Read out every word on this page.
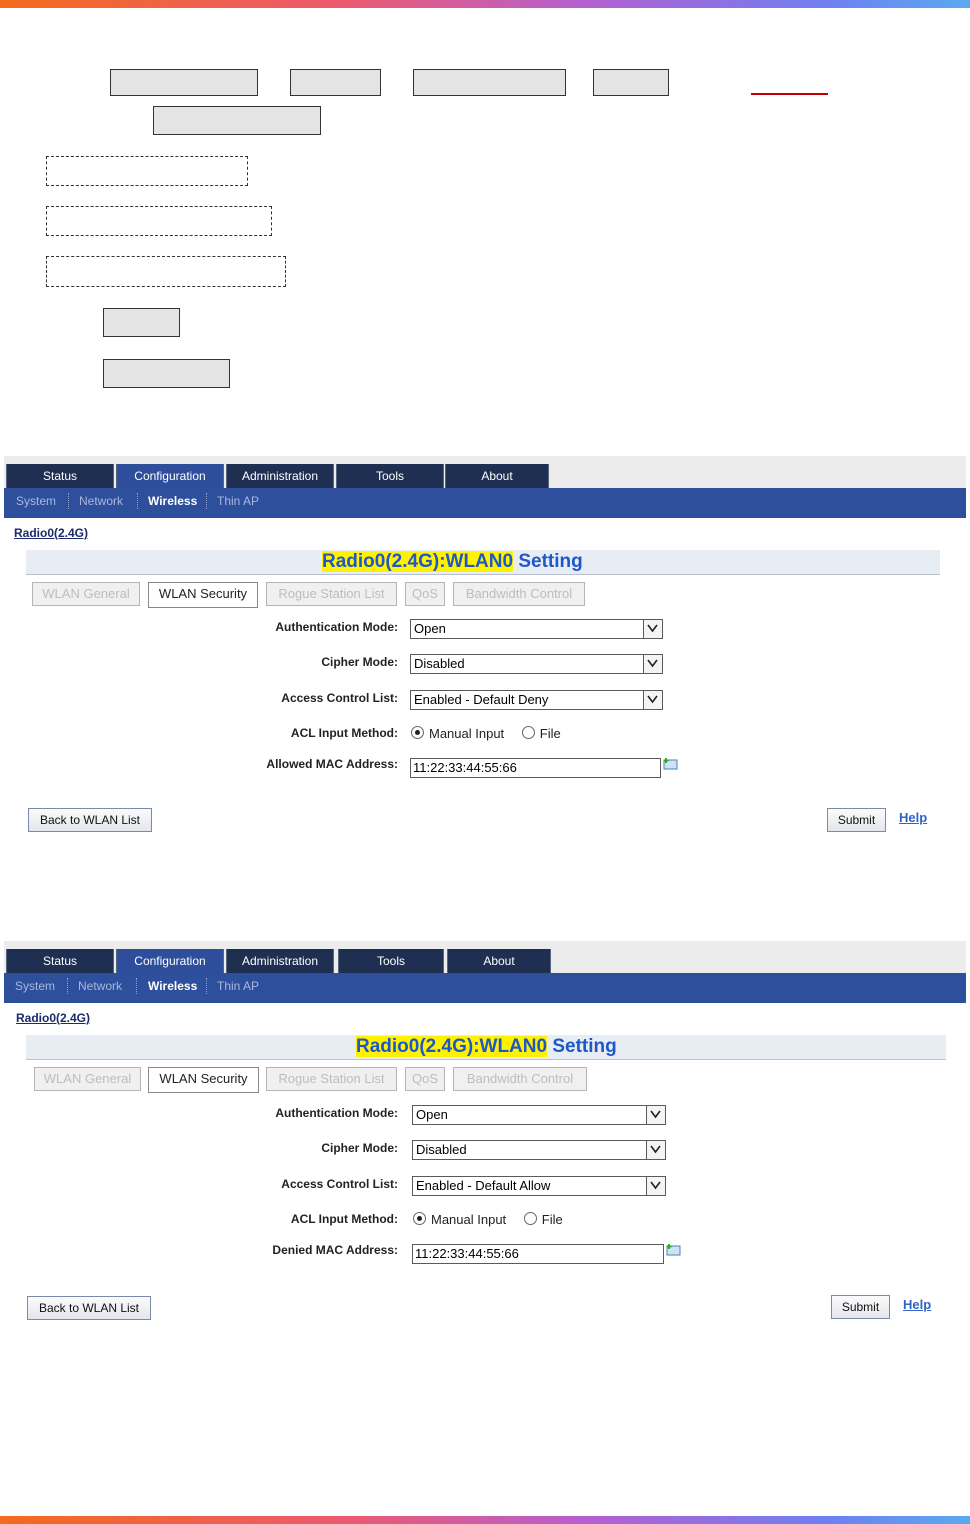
Status	Configuration	Administration	Tools	About
System Network Wireless Thin AP
Radio0(2.4G)
Radio0(2.4G):WLAN0 Setting
WLAN General	WLAN Security	Rogue Station List	QoS	Bandwidth Control
Authentication Mode:	Open
Cipher Mode:	Disabled
Access Control List:	Enabled - Default Deny
ACL Input Method:	Manual Input	File
Allowed MAC Address: 11:22:33:44:55:66
Back to WLAN List	Submit	Help
Status	Configuration	Administration	Tools	About
System Network Wireless Thin AP
Radio0(2.4G)
Radio0(2.4G):WLAN0 Setting
WLAN General	WLAN Security	Rogue Station List	QoS	Bandwidth Control
Authentication Mode:	Open
Cipher Mode:	Disabled
Access Control List:	Enabled - Default Allow
ACL Input Method:	Manual Input	File
Denied MAC Address: 11:22:33:44:55:66
Back to WLAN List	Submit	Help
